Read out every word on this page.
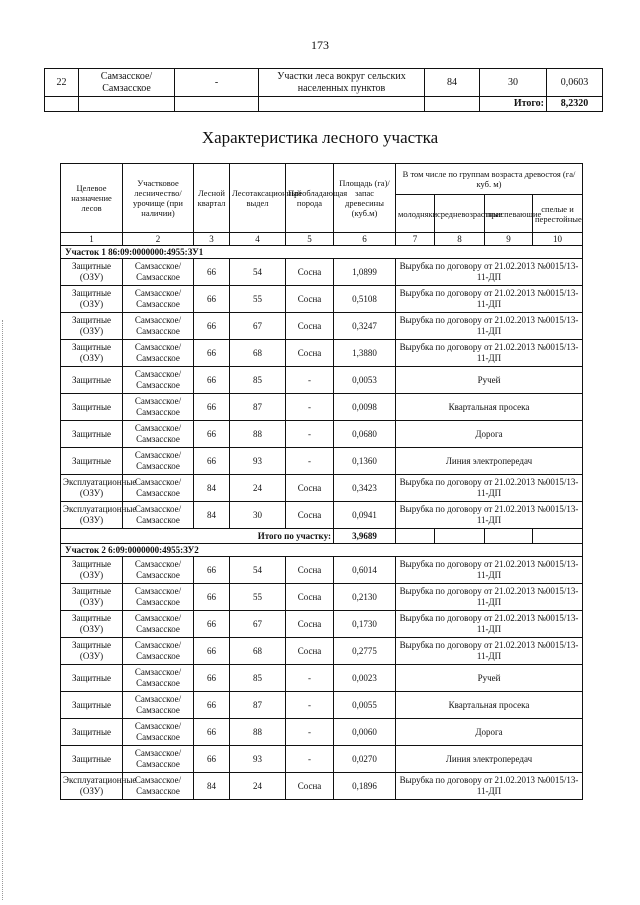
173
22	Самзасское/ Самзасское	-	Участки леса вокруг сельских населенных пунктов	84	30	0,0603
					Итого:	8,2320
Характеристика лесного участка
Целевое назначение лесов	Участковое лесничество/ урочище (при наличии)	Лесной квартал	Лесотаксационный выдел	Преобладающая порода	Площадь (га)/ запас древесины (куб.м)	В том числе по группам возраста древостоя (га/куб. м)			
						молодняки	средневозрастные	приспевающие	спелые и перестойные
1	2	3	4	5	6	7	8	9	10
Участок 1 86:09:0000000:4955:ЗУ1									
Защитные (ОЗУ)	Самзасское/ Самзасское	66	54	Сосна	1,0899	Вырубка по договору от 21.02.2013 №0015/13-11-ДП			
Защитные (ОЗУ)	Самзасское/ Самзасское	66	55	Сосна	0,5108	Вырубка по договору от 21.02.2013 №0015/13-11-ДП			
Защитные (ОЗУ)	Самзасское/ Самзасское	66	67	Сосна	0,3247	Вырубка по договору от 21.02.2013 №0015/13-11-ДП			
Защитные (ОЗУ)	Самзасское/ Самзасское	66	68	Сосна	1,3880	Вырубка по договору от 21.02.2013 №0015/13-11-ДП			
Защитные	Самзасское/ Самзасское	66	85	-	0,0053	Ручей			
Защитные	Самзасское/ Самзасское	66	87	-	0,0098	Квартальная просека			
Защитные	Самзасское/ Самзасское	66	88	-	0,0680	Дорога			
Защитные	Самзасское/ Самзасское	66	93	-	0,1360	Линия электропередач			
Эксплуатационные (ОЗУ)	Самзасское/ Самзасское	84	24	Сосна	0,3423	Вырубка по договору от 21.02.2013 №0015/13-11-ДП			
Эксплуатационные (ОЗУ)	Самзасское/ Самзасское	84	30	Сосна	0,0941	Вырубка по договору от 21.02.2013 №0015/13-11-ДП			
Итого по участку:					3,9689				
Участок 2 6:09:0000000:4955:ЗУ2									
Защитные (ОЗУ)	Самзасское/ Самзасское	66	54	Сосна	0,6014	Вырубка по договору от 21.02.2013 №0015/13-11-ДП			
Защитные (ОЗУ)	Самзасское/ Самзасское	66	55	Сосна	0,2130	Вырубка по договору от 21.02.2013 №0015/13-11-ДП			
Защитные (ОЗУ)	Самзасское/ Самзасское	66	67	Сосна	0,1730	Вырубка по договору от 21.02.2013 №0015/13-11-ДП			
Защитные (ОЗУ)	Самзасское/ Самзасское	66	68	Сосна	0,2775	Вырубка по договору от 21.02.2013 №0015/13-11-ДП			
Защитные	Самзасское/ Самзасское	66	85	-	0,0023	Ручей			
Защитные	Самзасское/ Самзасское	66	87	-	0,0055	Квартальная просека			
Защитные	Самзасское/ Самзасское	66	88	-	0,0060	Дорога			
Защитные	Самзасское/ Самзасское	66	93	-	0,0270	Линия электропередач			
Эксплуатационные (ОЗУ)	Самзасское/ Самзасское	84	24	Сосна	0,1896	Вырубка по договору от 21.02.2013 №0015/13-11-ДП			
